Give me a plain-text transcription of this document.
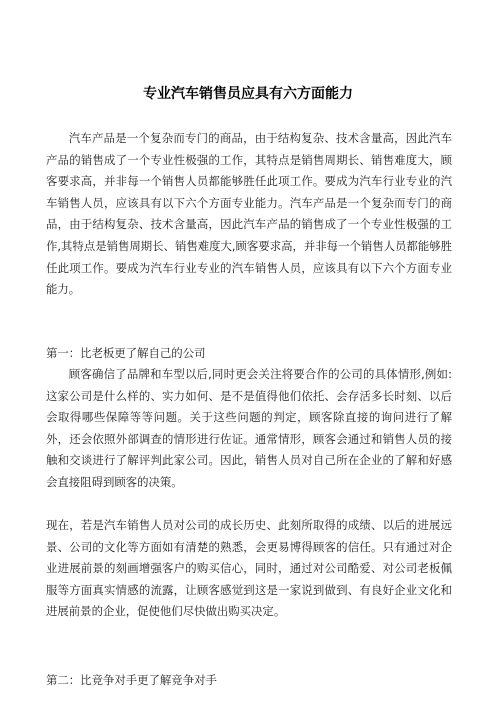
专业汽车销售员应具有六方面能力

汽车产品是一个复杂而专门的商品，由于结构复杂、技术含量高，因此汽车产品的销售成了一个专业性极强的工作，其特点是销售周期长、销售难度大，顾客要求高，并非每一个销售人员都能够胜任此项工作。要成为汽车行业专业的汽车销售人员，应该具有以下六个方面专业能力。汽车产品是一个复杂而专门的商品，由于结构复杂、技术含量高，因此汽车产品的销售成了一个专业性极强的工作,其特点是销售周期长、销售难度大,顾客要求高，并非每一个销售人员都能够胜任此项工作。要成为汽车行业专业的汽车销售人员，应该具有以下六个方面专业能力。

第一：比老板更了解自己的公司

顾客确信了品牌和车型以后,同时更会关注将要合作的公司的具体情形,例如:这家公司是什么样的、实力如何、是不是值得他们依托、会存活多长时刻、以后会取得哪些保障等等问题。关于这些问题的判定，顾客除直接的询问进行了解外，还会依照外部调查的情形进行佐证。通常情形，顾客会通过和销售人员的接触和交谈进行了解评判此家公司。因此，销售人员对自己所在企业的了解和好感会直接阻碍到顾客的决策。

现在，若是汽车销售人员对公司的成长历史、此刻所取得的成绩、以后的进展远景、公司的文化等方面如有清楚的熟悉，会更易博得顾客的信任。只有通过对企业进展前景的刻画增强客户的购买信心，同时，通过对公司酷爱、对公司老板佩服等方面真实情感的流露，让顾客感觉到这是一家说到做到、有良好企业文化和进展前景的企业，促使他们尽快做出购买决定。

第二：比竞争对手更了解竞争对手
